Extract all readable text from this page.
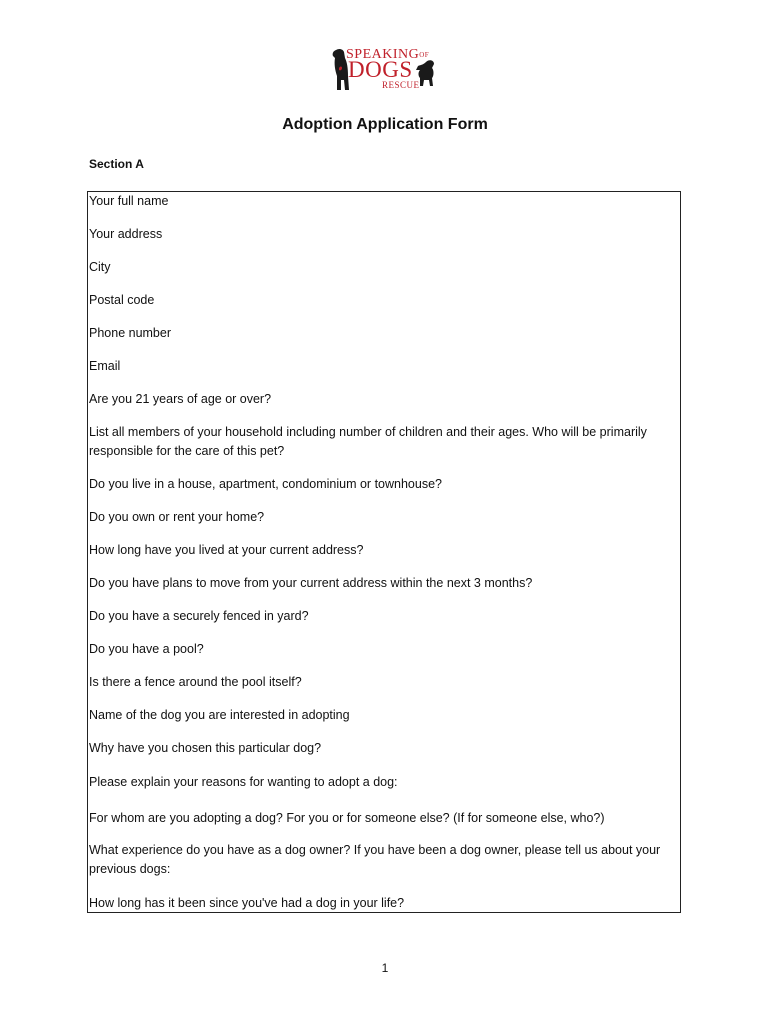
$SPEAKING^{OF}$
DOGS
RESCUE
Adoption Application Form
Section A
Your full name
Your address
City
Postal code
Phone number
Email
Are you 21 years of age or over?
List all members of your household including number of children and their ages. Who will be primarily responsible for the care of this pet?
Do you live in a house, apartment, condominium or townhouse?
Do you own or rent your home?
How long have you lived at your current address?
Do you have plans to move from your current address within the next 3 months?
Do you have a securely fenced in yard?
Do you have a pool?
Is there a fence around the pool itself?
Name of the dog you are interested in adopting
Why have you chosen this particular dog?
Please explain your reasons for wanting to adopt a dog:
For whom are you adopting a dog? For you or for someone else? (If for someone else, who?)
What experience do you have as a dog owner? If you have been a dog owner, please tell us about your previous dogs:
How long has it been since you've had a dog in your life?
1
